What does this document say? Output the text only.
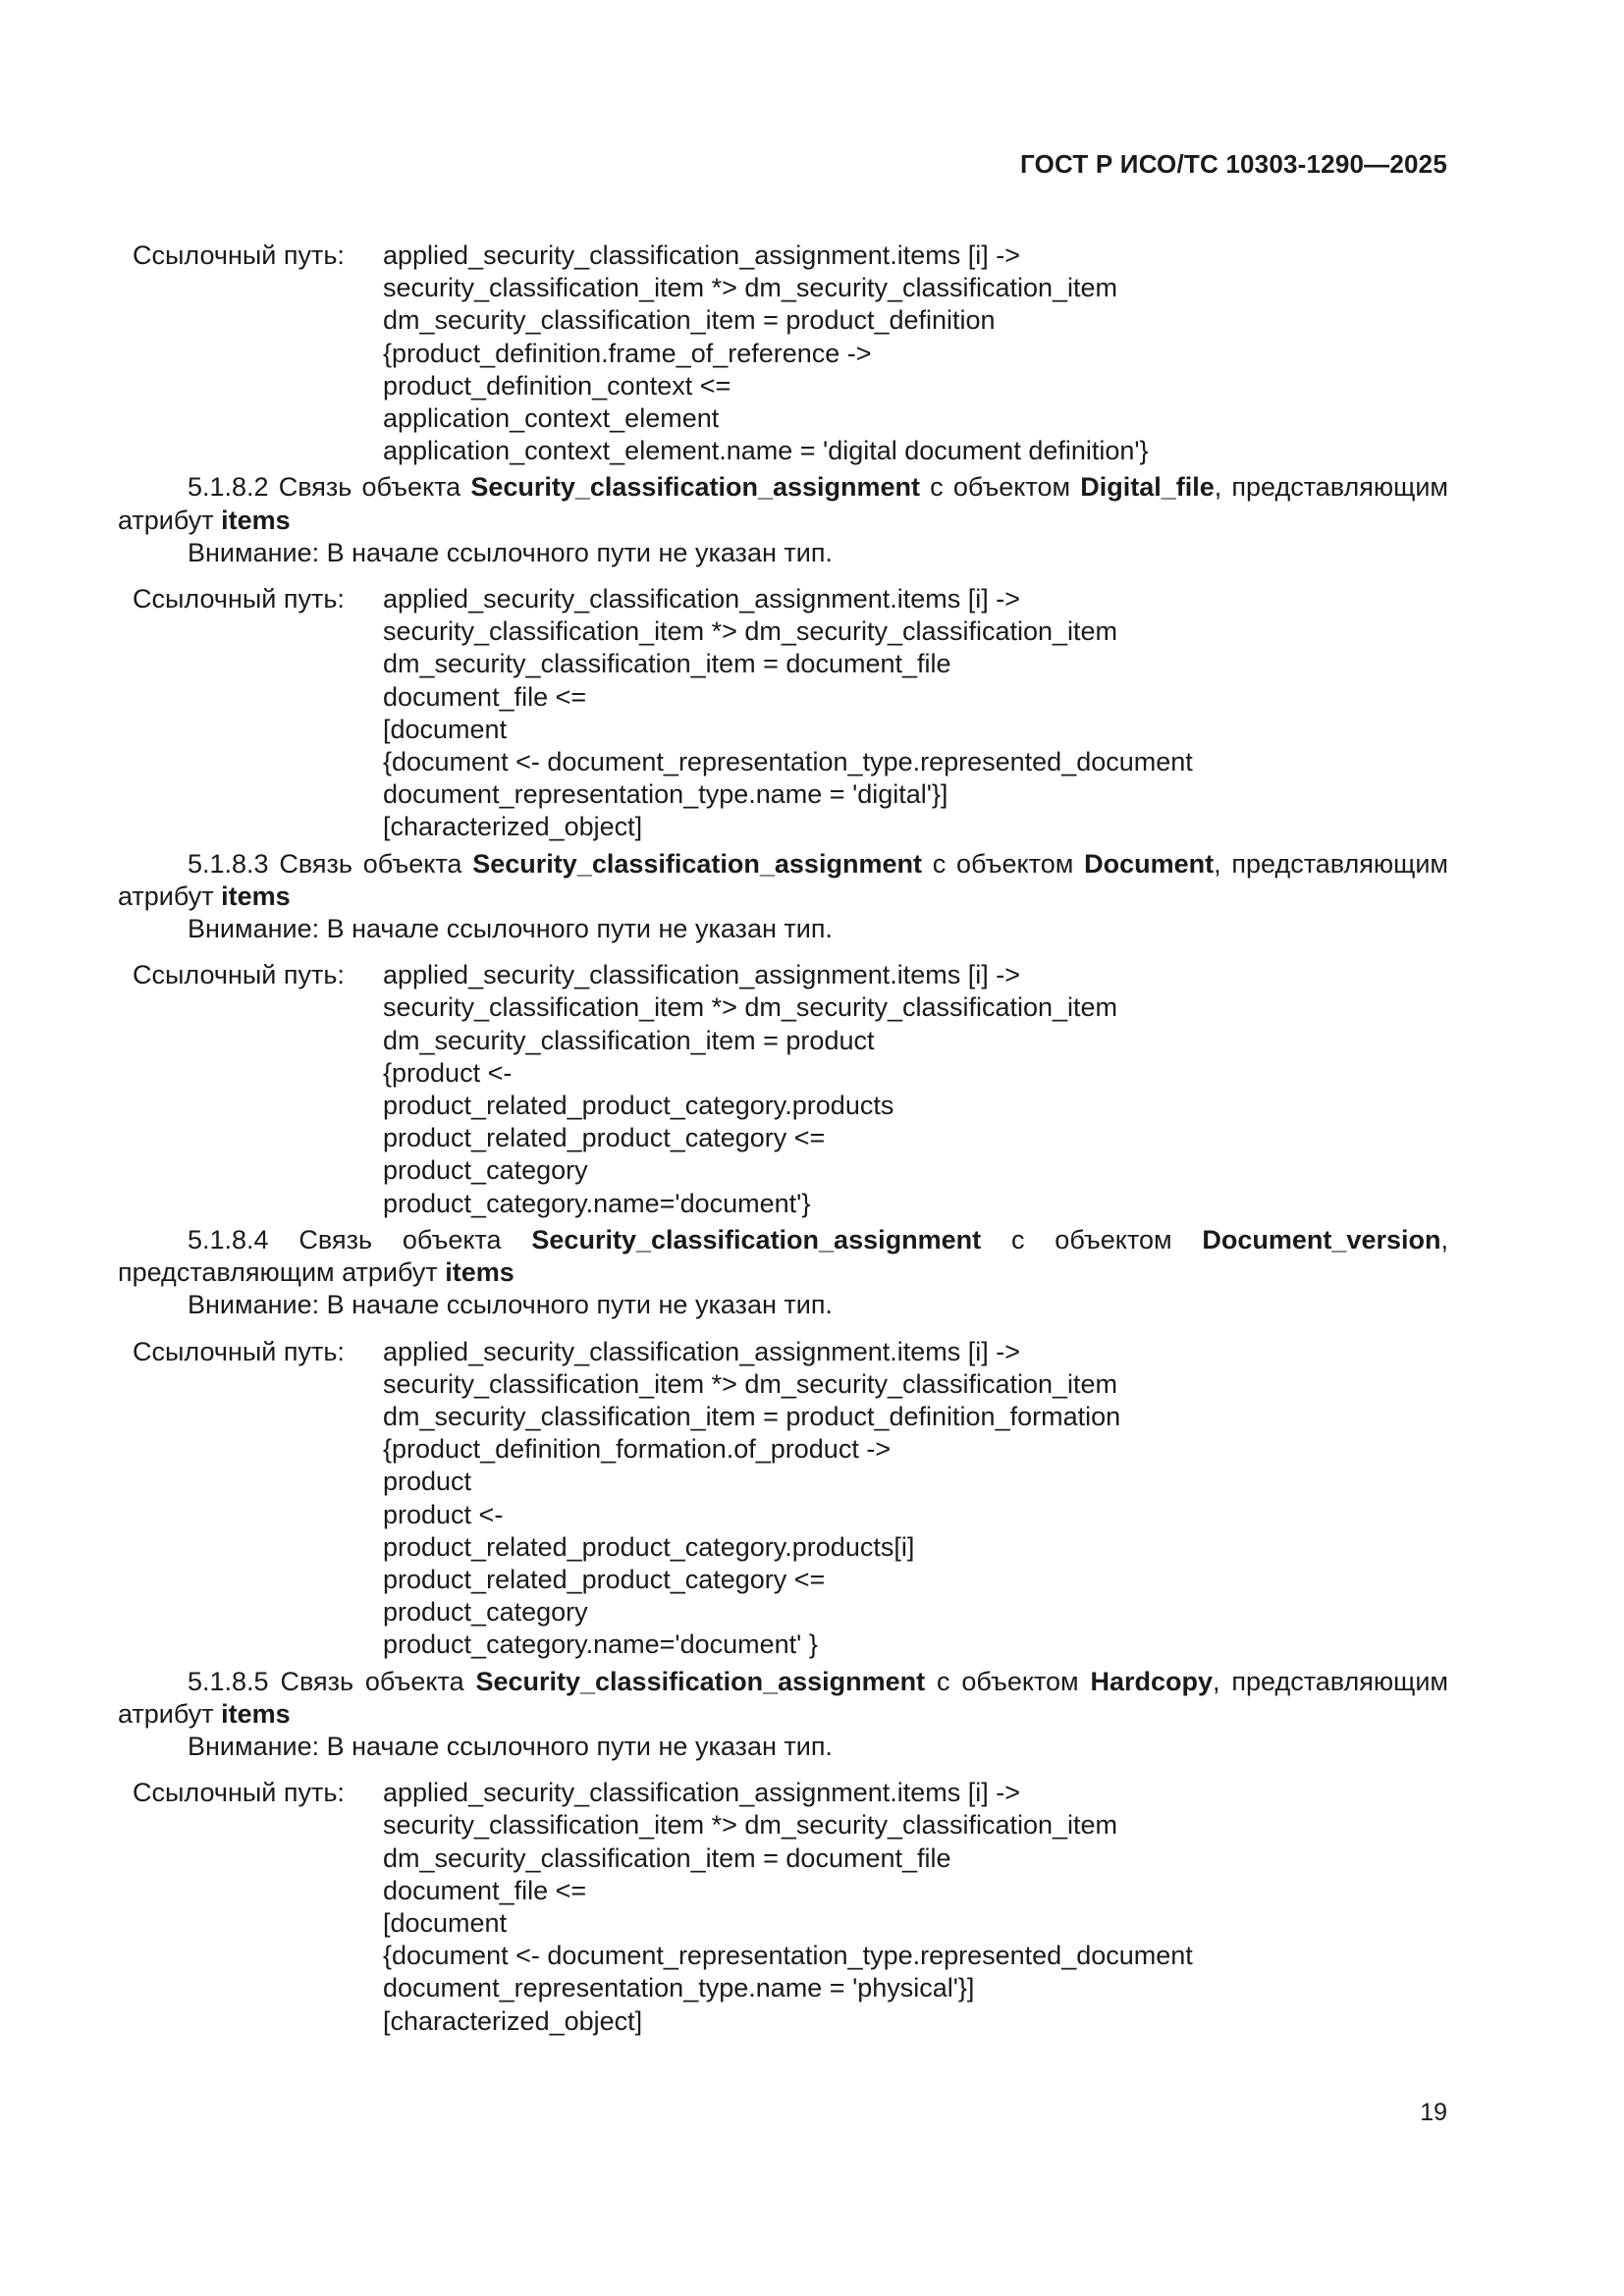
ГОСТ Р ИСО/ТС 10303-1290—2025
Ссылочный путь: applied_security_classification_assignment.items [i] ->
security_classification_item *> dm_security_classification_item
dm_security_classification_item = product_definition
{product_definition.frame_of_reference ->
product_definition_context <=
application_context_element
application_context_element.name = 'digital document definition'}
5.1.8.2 Связь объекта Security_classification_assignment с объектом Digital_file, представляющим атрибут items
Внимание: В начале ссылочного пути не указан тип.
Ссылочный путь: applied_security_classification_assignment.items [i] ->
security_classification_item *> dm_security_classification_item
dm_security_classification_item = document_file
document_file <=
[document
{document <- document_representation_type.represented_document
document_representation_type.name = 'digital'}]
[characterized_object]
5.1.8.3 Связь объекта Security_classification_assignment с объектом Document, представляющим атрибут items
Внимание: В начале ссылочного пути не указан тип.
Ссылочный путь: applied_security_classification_assignment.items [i] ->
security_classification_item *> dm_security_classification_item
dm_security_classification_item = product
{product <-
product_related_product_category.products
product_related_product_category <=
product_category
product_category.name='document'}
5.1.8.4 Связь объекта Security_classification_assignment с объектом Document_version, представляющим атрибут items
Внимание: В начале ссылочного пути не указан тип.
Ссылочный путь: applied_security_classification_assignment.items [i] ->
security_classification_item *> dm_security_classification_item
dm_security_classification_item = product_definition_formation
{product_definition_formation.of_product ->
product
product <-
product_related_product_category.products[i]
product_related_product_category <=
product_category
product_category.name='document' }
5.1.8.5 Связь объекта Security_classification_assignment с объектом Hardcopy, представляющим атрибут items
Внимание: В начале ссылочного пути не указан тип.
Ссылочный путь: applied_security_classification_assignment.items [i] ->
security_classification_item *> dm_security_classification_item
dm_security_classification_item = document_file
document_file <=
[document
{document <- document_representation_type.represented_document
document_representation_type.name = 'physical'}]
[characterized_object]
19
